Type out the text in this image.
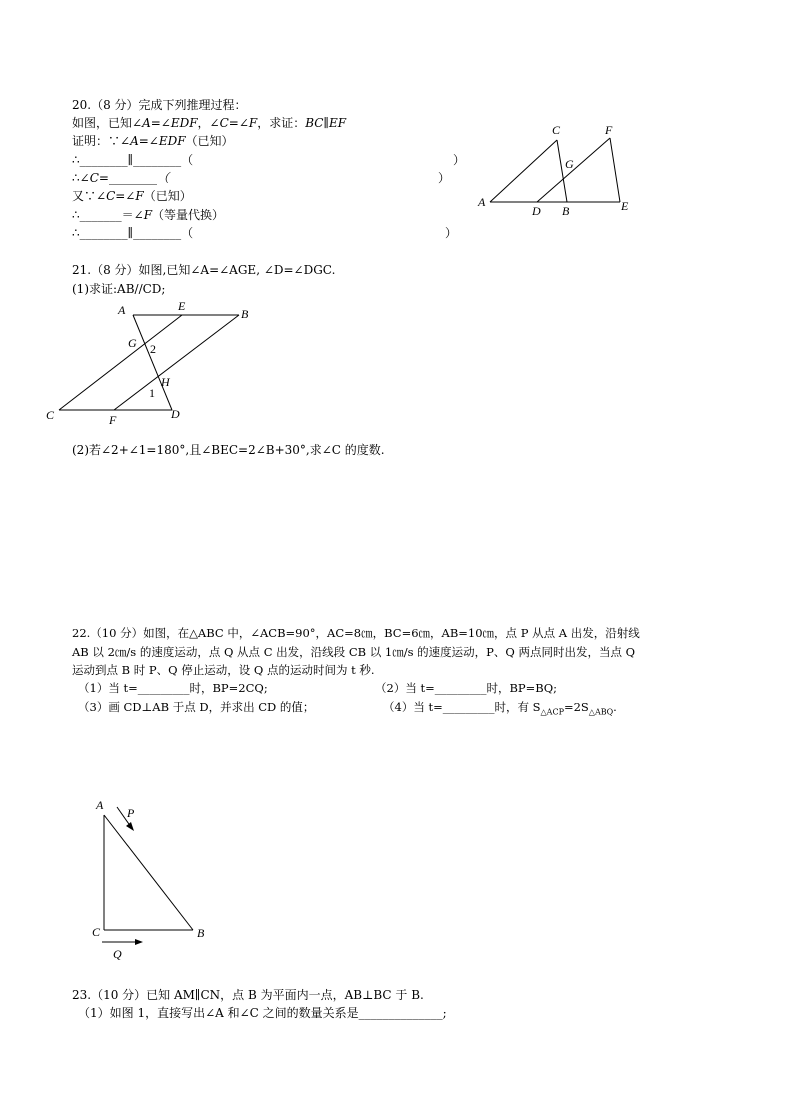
20.（8 分）完成下列推理过程：
如图，已知∠A=∠EDF，∠C=∠F，求证：BC∥EF
证明：∵∠A=∠EDF（已知）
∴________∥________（	）
∴∠C=________（	）
又∵∠C=∠F（已知）
∴_______＝∠F（等量代换）
∴________∥________（	）
A
C	F
G
D B	E
21.（8 分）如图,已知∠A=∠AGE, ∠D=∠DGC.
(1)求证:AB//CD;
A	E
B
G 2
H
1
C	F	D
(2)若∠2+∠1=180°,且∠BEC=2∠B+30°,求∠C 的度数.
22.（10 分）如图，在△ABC 中，∠ACB=90°，AC=8㎝，BC=6㎝，AB=10㎝，点 P 从点 A 出发，沿射线
AB 以 2㎝/s 的速度运动，点 Q 从点 C 出发，沿线段 CB 以 1㎝/s 的速度运动，P、Q 两点同时出发，当点 Q
运动到点 B 时 P、Q 停止运动，设 Q 点的运动时间为 t 秒.
（1）当 t=_________时，BP=2CQ;	（2）当 t=_________时，BP=BQ;
（3）画 CD⊥AB 于点 D，并求出 CD 的值；	（4）当 t=_________时，有 $S_{\triangle ACP}=2S_{\triangle ABQ}$.
A
P
C	B
Q
23.（10 分）已知 AM∥CN，点 B 为平面内一点，AB⊥BC 于 B.
（1）如图 1，直接写出∠A 和∠C 之间的数量关系是______________;
